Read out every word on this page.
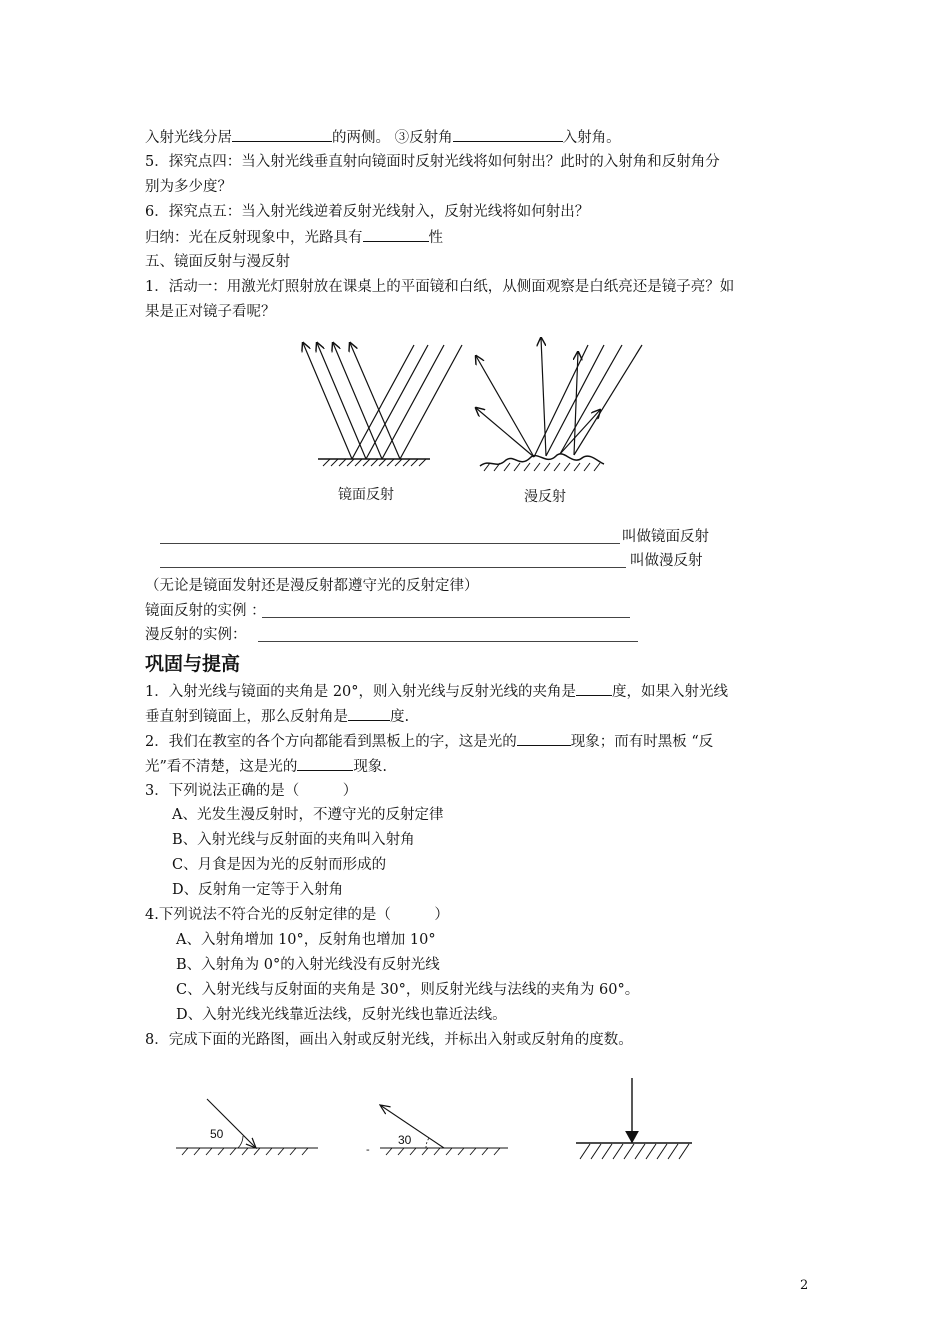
入射光线分居	的两侧。 ③反射角	入射角。
5．探究点四：当入射光线垂直射向镜面时反射光线将如何射出？此时的入射角和反射角分
别为多少度？
6．探究点五：当入射光线逆着反射光线射入，反射光线将如何射出？
归纳：光在反射现象中，光路具有	性
五、镜面反射与漫反射
1．活动一：用激光灯照射放在课桌上的平面镜和白纸，从侧面观察是白纸亮还是镜子亮？如
果是正对镜子看呢？
镜面反射	漫反射
叫做镜面反射
叫做漫反射
（无论是镜面发射还是漫反射都遵守光的反射定律）
镜面反射的实例 ：
漫反射的实例：
巩固与提高
1．入射光线与镜面的夹角是 20°，则入射光线与反射光线的夹角是 度，如果入射光线
垂直射到镜面上，那么反射角是	度.
2．我们在教室的各个方向都能看到黑板上的字，这是光的	现象；而有时黑板 “反
光”看不清楚，这是光的	现象.
3．下列说法正确的是（　　　）
A、光发生漫反射时，不遵守光的反射定律
B、入射光线与反射面的夹角叫入射角
C、月食是因为光的反射而形成的
D、反射角一定等于入射角
4.下列说法不符合光的反射定律的是（　　　）
A、入射角增加 10°，反射角也增加 10°
B、入射角为 0°的入射光线没有反射光线
C、入射光线与反射面的夹角是 30°，则反射光线与法线的夹角为 60°。
D、入射光线光线靠近法线，反射光线也靠近法线。
8．完成下面的光路图，画出入射或反射光线，并标出入射或反射角的度数。
50	30
-
2
